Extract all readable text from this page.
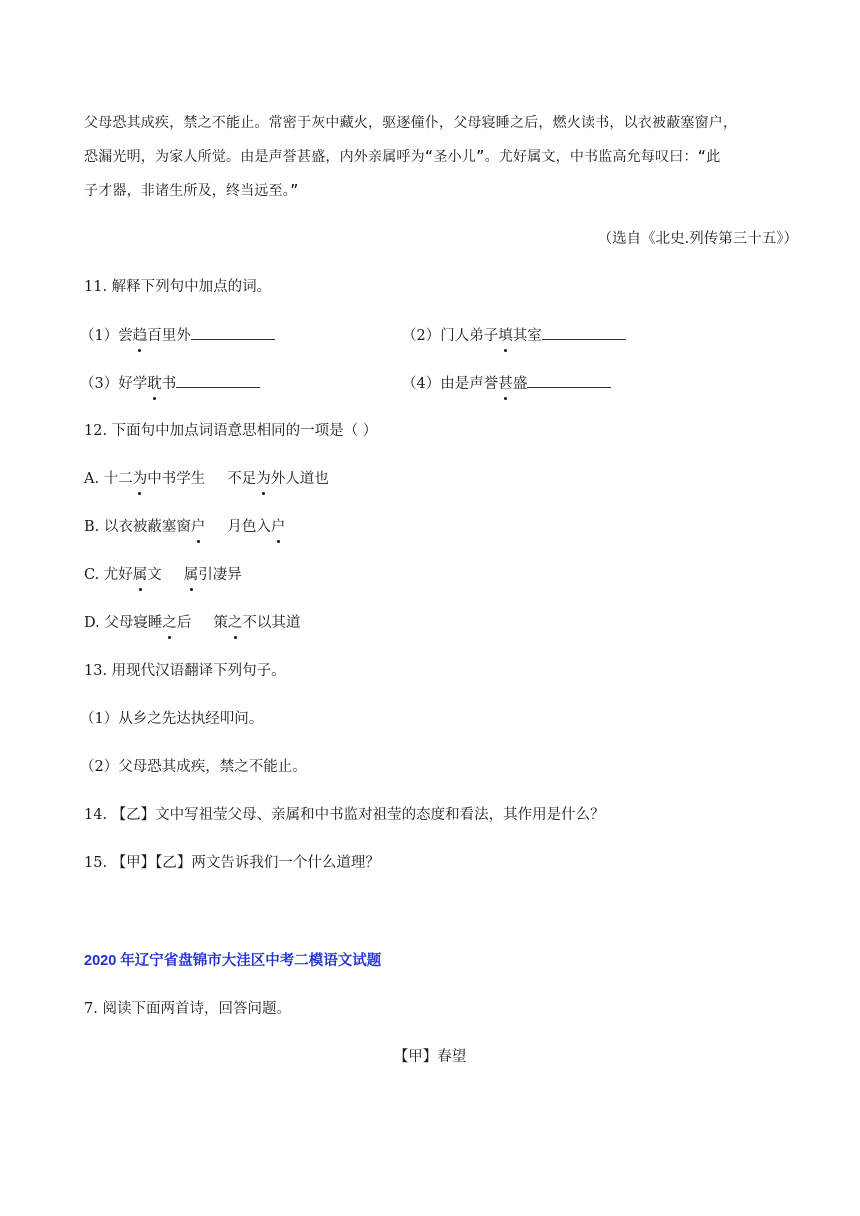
父母恐其成疾，禁之不能止。常密于灰中藏火，驱逐僮仆，父母寝睡之后，燃火读书，以衣被蔽塞窗户，
恐漏光明，为家人所觉。由是声誉甚盛，内外亲属呼为“圣小儿”。尤好属文，中书监高允每叹曰：“此
子才器，非诸生所及，终当远至。”
（选自《北史.列传第三十五》）
11. 解释下列句中加点的词。
（1）尝趋百里外	（2）门人弟子填其室
（3）好学耽书	（4）由是声誉甚盛
12. 下面句中加点词语意思相同的一项是（ ）
A. 十二为中书学生 不足为外人道也
B. 以衣被蔽塞窗户 月色入户
C. 尤好属文 属引凄异
D. 父母寝睡之后 策之不以其道
13. 用现代汉语翻译下列句子。
（1）从乡之先达执经叩问。
（2）父母恐其成疾，禁之不能止。
14. 【乙】文中写祖莹父母、亲属和中书监对祖莹的态度和看法，其作用是什么？
15. 【甲】【乙】两文告诉我们一个什么道理？
2020 年辽宁省盘锦市大洼区中考二模语文试题
7. 阅读下面两首诗，回答问题。
【甲】春望
